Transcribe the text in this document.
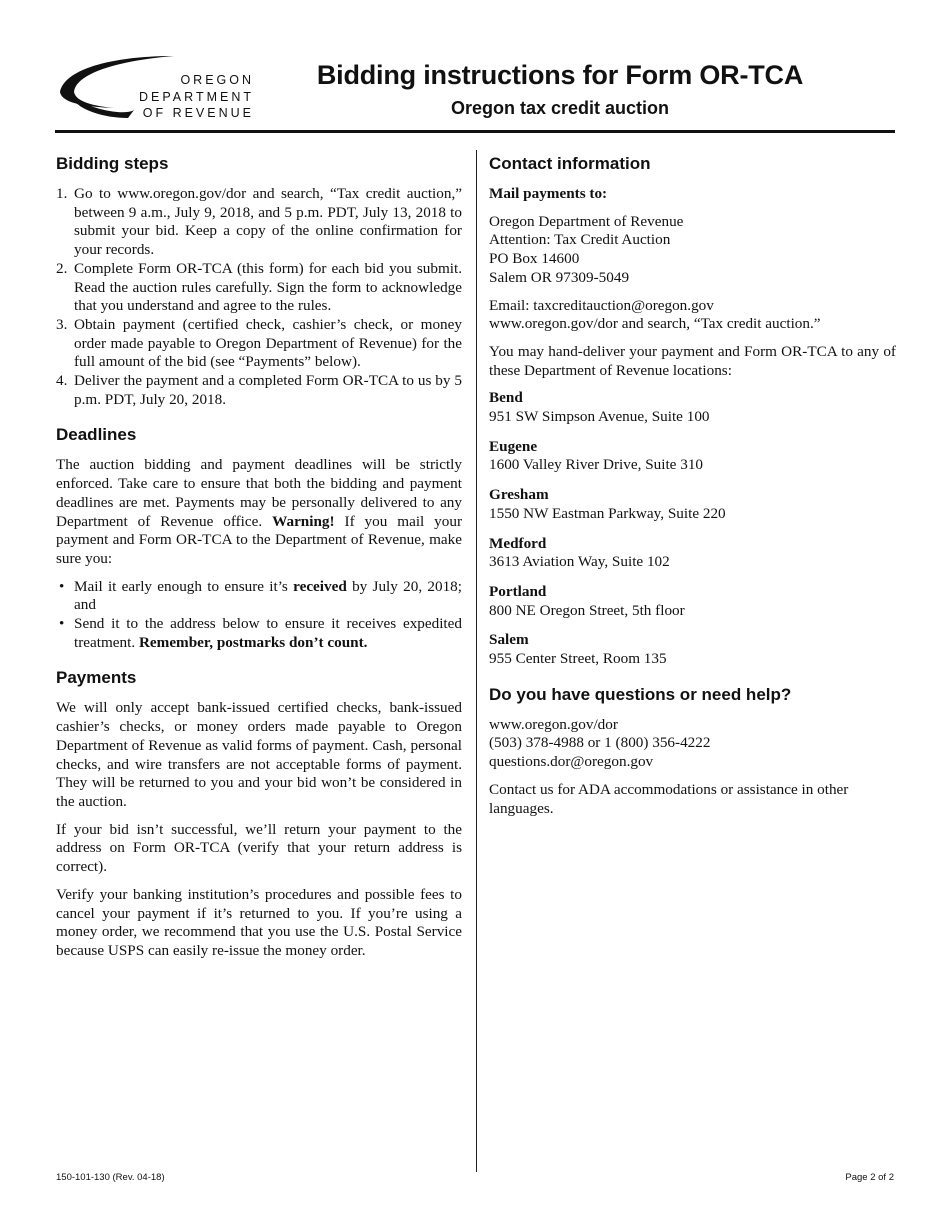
OREGON
DEPARTMENT
OF REVENUE
Bidding instructions for Form OR-TCA
Oregon tax credit auction
Bidding steps
1. Go to www.oregon.gov/dor and search, “Tax credit auction,” between 9 a.m., July 9, 2018, and 5 p.m. PDT, July 13, 2018 to submit your bid. Keep a copy of the online confirmation for your records.
2. Complete Form OR-TCA (this form) for each bid you submit. Read the auction rules carefully. Sign the form to acknowledge that you understand and agree to the rules.
3. Obtain payment (certified check, cashier’s check, or money order made payable to Oregon Department of Revenue) for the full amount of the bid (see “Payments” below).
4. Deliver the payment and a completed Form OR-TCA to us by 5 p.m. PDT, July 20, 2018.
Deadlines

The auction bidding and payment deadlines will be strictly enforced. Take care to ensure that both the bidding and payment deadlines are met. Payments may be personally delivered to any Department of Revenue office. Warning! If you mail your payment and Form OR-TCA to the Department of Revenue, make sure you:

• Mail it early enough to ensure it’s received by July 20, 2018; and
• Send it to the address below to ensure it receives expedited treatment. Remember, postmarks don’t count.
Payments

We will only accept bank-issued certified checks, bank-issued cashier’s checks, or money orders made payable to Oregon Department of Revenue as valid forms of payment. Cash, personal checks, and wire transfers are not acceptable forms of payment. They will be returned to you and your bid won’t be considered in the auction.

If your bid isn’t successful, we’ll return your payment to the address on Form OR-TCA (verify that your return address is correct).

Verify your banking institution’s procedures and possible fees to cancel your payment if it’s returned to you. If you’re using a money order, we recommend that you use the U.S. Postal Service because USPS can easily re-issue the money order.

Contact information

Mail payments to:

Oregon Department of Revenue
Attention: Tax Credit Auction
PO Box 14600
Salem OR 97309-5049

Email: taxcreditauction@oregon.gov
www.oregon.gov/dor and search, “Tax credit auction.”

You may hand-deliver your payment and Form OR-TCA to any of these Department of Revenue locations:

Bend
951 SW Simpson Avenue, Suite 100
Eugene
1600 Valley River Drive, Suite 310
Gresham
1550 NW Eastman Parkway, Suite 220
Medford
3613 Aviation Way, Suite 102
Portland
800 NE Oregon Street, 5th floor
Salem
955 Center Street, Room 135
Do you have questions or need help?

www.oregon.gov/dor
(503) 378-4988 or 1 (800) 356-4222
questions.dor@oregon.gov

Contact us for ADA accommodations or assistance in other languages.

150-101-130 (Rev. 04-18)	Page 2 of 2
